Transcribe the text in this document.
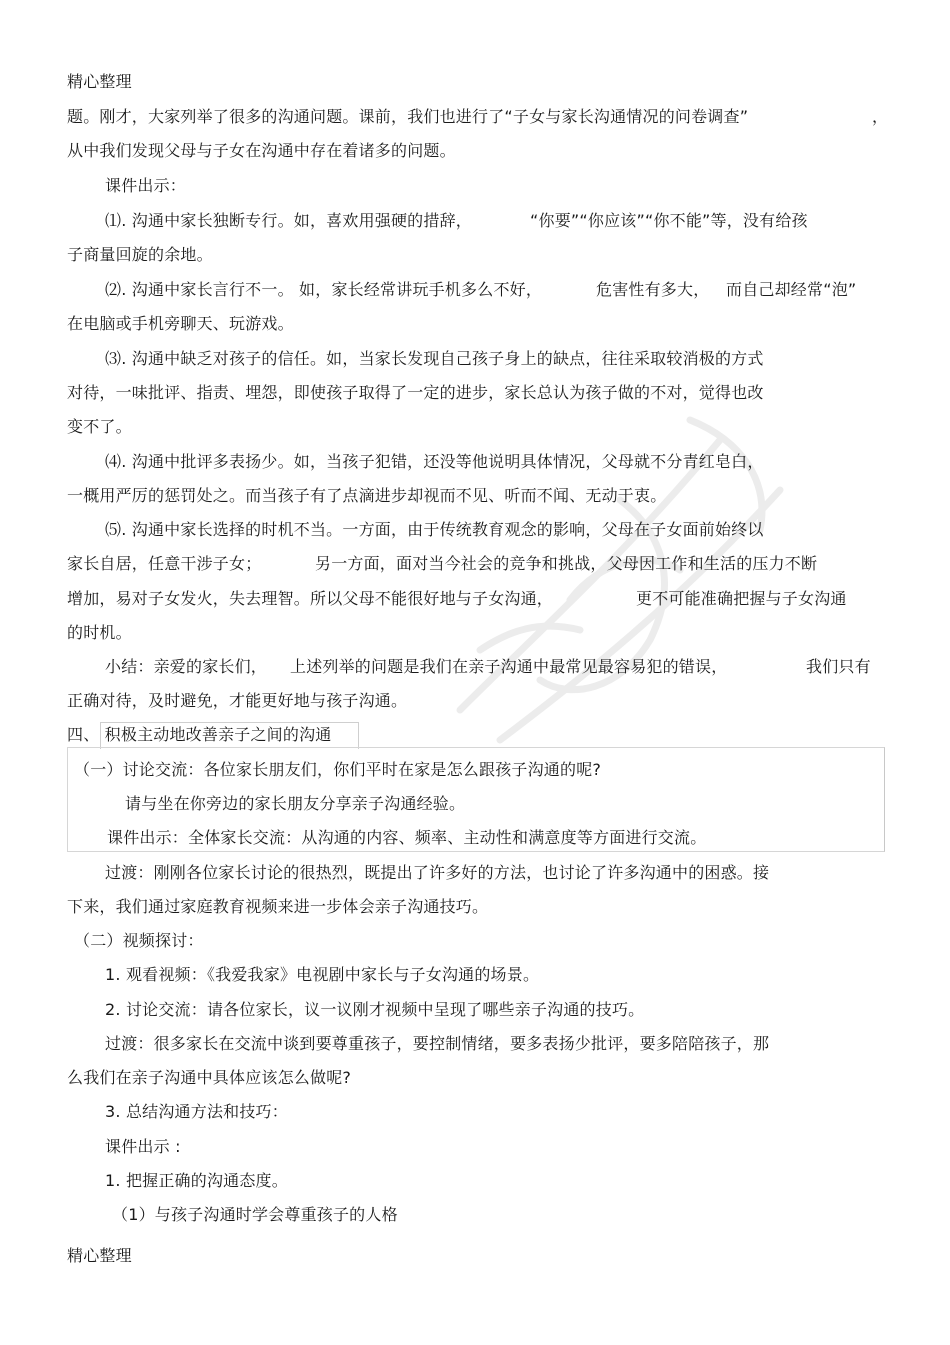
精心整理
题。刚才，大家列举了很多的沟通问题。课前，我们也进行了“子女与家长沟通情况的问卷调查”	，
从中我们发现父母与子女在沟通中存在着诸多的问题。
课件出示：
⑴. 沟通中家长独断专行。如，喜欢用强硬的措辞，	“你要”“你应该”“你不能”等，没有给孩
子商量回旋的余地。
⑵. 沟通中家长言行不一。 如，家长经常讲玩手机多么不好，	危害性有多大， 而自己却经常“泡”
在电脑或手机旁聊天、玩游戏。
⑶. 沟通中缺乏对孩子的信任。如，当家长发现自己孩子身上的缺点，往往采取较消极的方式
对待，一味批评、指责、埋怨，即使孩子取得了一定的进步，家长总认为孩子做的不对，觉得也改
变不了。
⑷. 沟通中批评多表扬少。如，当孩子犯错，还没等他说明具体情况，父母就不分青红皂白，
一概用严厉的惩罚处之。而当孩子有了点滴进步却视而不见、听而不闻、无动于衷。
⑸. 沟通中家长选择的时机不当。一方面，由于传统教育观念的影响，父母在子女面前始终以
家长自居，任意干涉子女；	另一方面，面对当今社会的竞争和挑战，父母因工作和生活的压力不断
增加，易对子女发火，失去理智。所以父母不能很好地与子女沟通，	更不可能准确把握与子女沟通
的时机。
小结：亲爱的家长们， 上述列举的问题是我们在亲子沟通中最常见最容易犯的错误，	我们只有
正确对待，及时避免，才能更好地与孩子沟通。
四、 积极主动地改善亲子之间的沟通
（一）讨论交流：各位家长朋友们，你们平时在家是怎么跟孩子沟通的呢?
请与坐在你旁边的家长朋友分享亲子沟通经验。
课件出示：全体家长交流：从沟通的内容、频率、主动性和满意度等方面进行交流。
过渡：刚刚各位家长讨论的很热烈，既提出了许多好的方法，也讨论了许多沟通中的困惑。接
下来，我们通过家庭教育视频来进一步体会亲子沟通技巧。
（二）视频探讨：
1. 观看视频：《我爱我家》电视剧中家长与子女沟通的场景。
2. 讨论交流：请各位家长，议一议刚才视频中呈现了哪些亲子沟通的技巧。
过渡：很多家长在交流中谈到要尊重孩子，要控制情绪，要多表扬少批评，要多陪陪孩子，那
么我们在亲子沟通中具体应该怎么做呢?
3. 总结沟通方法和技巧：
课件出示 :
1. 把握正确的沟通态度。
（1）与孩子沟通时学会尊重孩子的人格
精心整理
